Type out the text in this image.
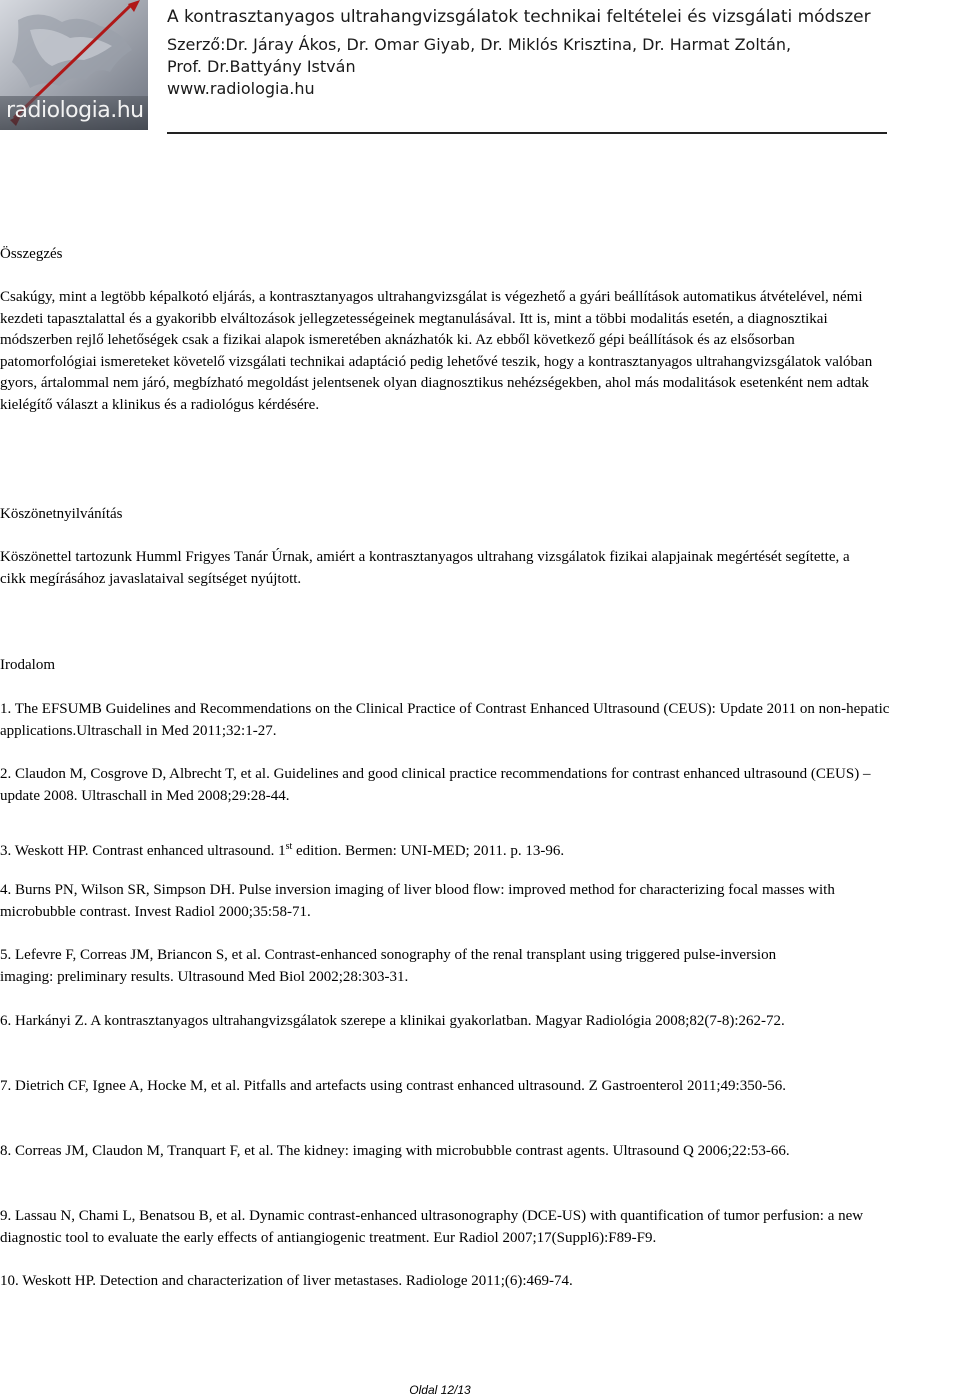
radiologia.hu
A kontrasztanyagos ultrahangvizsgálatok technikai feltételei és vizsgálati módszer
Szerző:Dr. Járay Ákos, Dr. Omar Giyab, Dr. Miklós Krisztina, Dr. Harmat Zoltán,
Prof. Dr.Battyány István
www.radiologia.hu
Összegzés

Csakúgy, mint a legtöbb képalkotó eljárás, a kontrasztanyagos ultrahangvizsgálat is végezhető a gyári beállítások automatikus átvételével, némi kezdeti tapasztalattal és a gyakoribb elváltozások jellegzetességeinek megtanulásával. Itt is, mint a többi modalitás esetén, a diagnosztikai módszerben rejlő lehetőségek csak a fizikai alapok ismeretében aknázhatók ki. Az ebből következő gépi beállítások és az elsősorban patomorfológiai ismereteket követelő vizsgálati technikai adaptáció pedig lehetővé teszik, hogy a kontrasztanyagos ultrahangvizsgálatok valóban gyors, ártalommal nem járó, megbízható megoldást jelentsenek olyan diagnosztikus nehézségekben, ahol más modalitások esetenként nem adtak kielégítő választ a klinikus és a radiológus kérdésére.

Köszönetnyilvánítás

Köszönettel tartozunk Humml Frigyes Tanár Úrnak, amiért a kontrasztanyagos ultrahang vizsgálatok fizikai alapjainak megértését segítette, a cikk megírásához javaslataival segítséget nyújtott.

Irodalom

1. The EFSUMB Guidelines and Recommendations on the Clinical Practice of Contrast Enhanced Ultrasound (CEUS): Update 2011 on non-hepatic applications.Ultraschall in Med 2011;32:1-27.

2. Claudon M, Cosgrove D, Albrecht T, et al. Guidelines and good clinical practice recommendations for contrast enhanced ultrasound (CEUS) –update 2008. Ultraschall in Med 2008;29:28-44.

3. Weskott HP. Contrast enhanced ultrasound. 1st edition. Bermen: UNI-MED; 2011. p. 13-96.

4. Burns PN, Wilson SR, Simpson DH. Pulse inversion imaging of liver blood flow: improved method for characterizing focal masses with microbubble contrast. Invest Radiol 2000;35:58-71.

5. Lefevre F, Correas JM, Briancon S, et al. Contrast-enhanced sonography of the renal transplant using triggered pulse-inversion imaging: preliminary results. Ultrasound Med Biol 2002;28:303-31.

6. Harkányi Z. A kontrasztanyagos ultrahangvizsgálatok szerepe a klinikai gyakorlatban. Magyar Radiológia 2008;82(7-8):262-72.

7. Dietrich CF, Ignee A, Hocke M, et al. Pitfalls and artefacts using contrast enhanced ultrasound. Z Gastroenterol 2011;49:350-56.

8. Correas JM, Claudon M, Tranquart F, et al. The kidney: imaging with microbubble contrast agents. Ultrasound Q 2006;22:53-66.

9. Lassau N, Chami L, Benatsou B, et al. Dynamic contrast-enhanced ultrasonography (DCE-US) with quantification of tumor perfusion: a new diagnostic tool to evaluate the early effects of antiangiogenic treatment. Eur Radiol 2007;17(Suppl6):F89-F9.

10. Weskott HP. Detection and characterization of liver metastases. Radiologe 2011;(6):469-74.

Oldal 12/13
